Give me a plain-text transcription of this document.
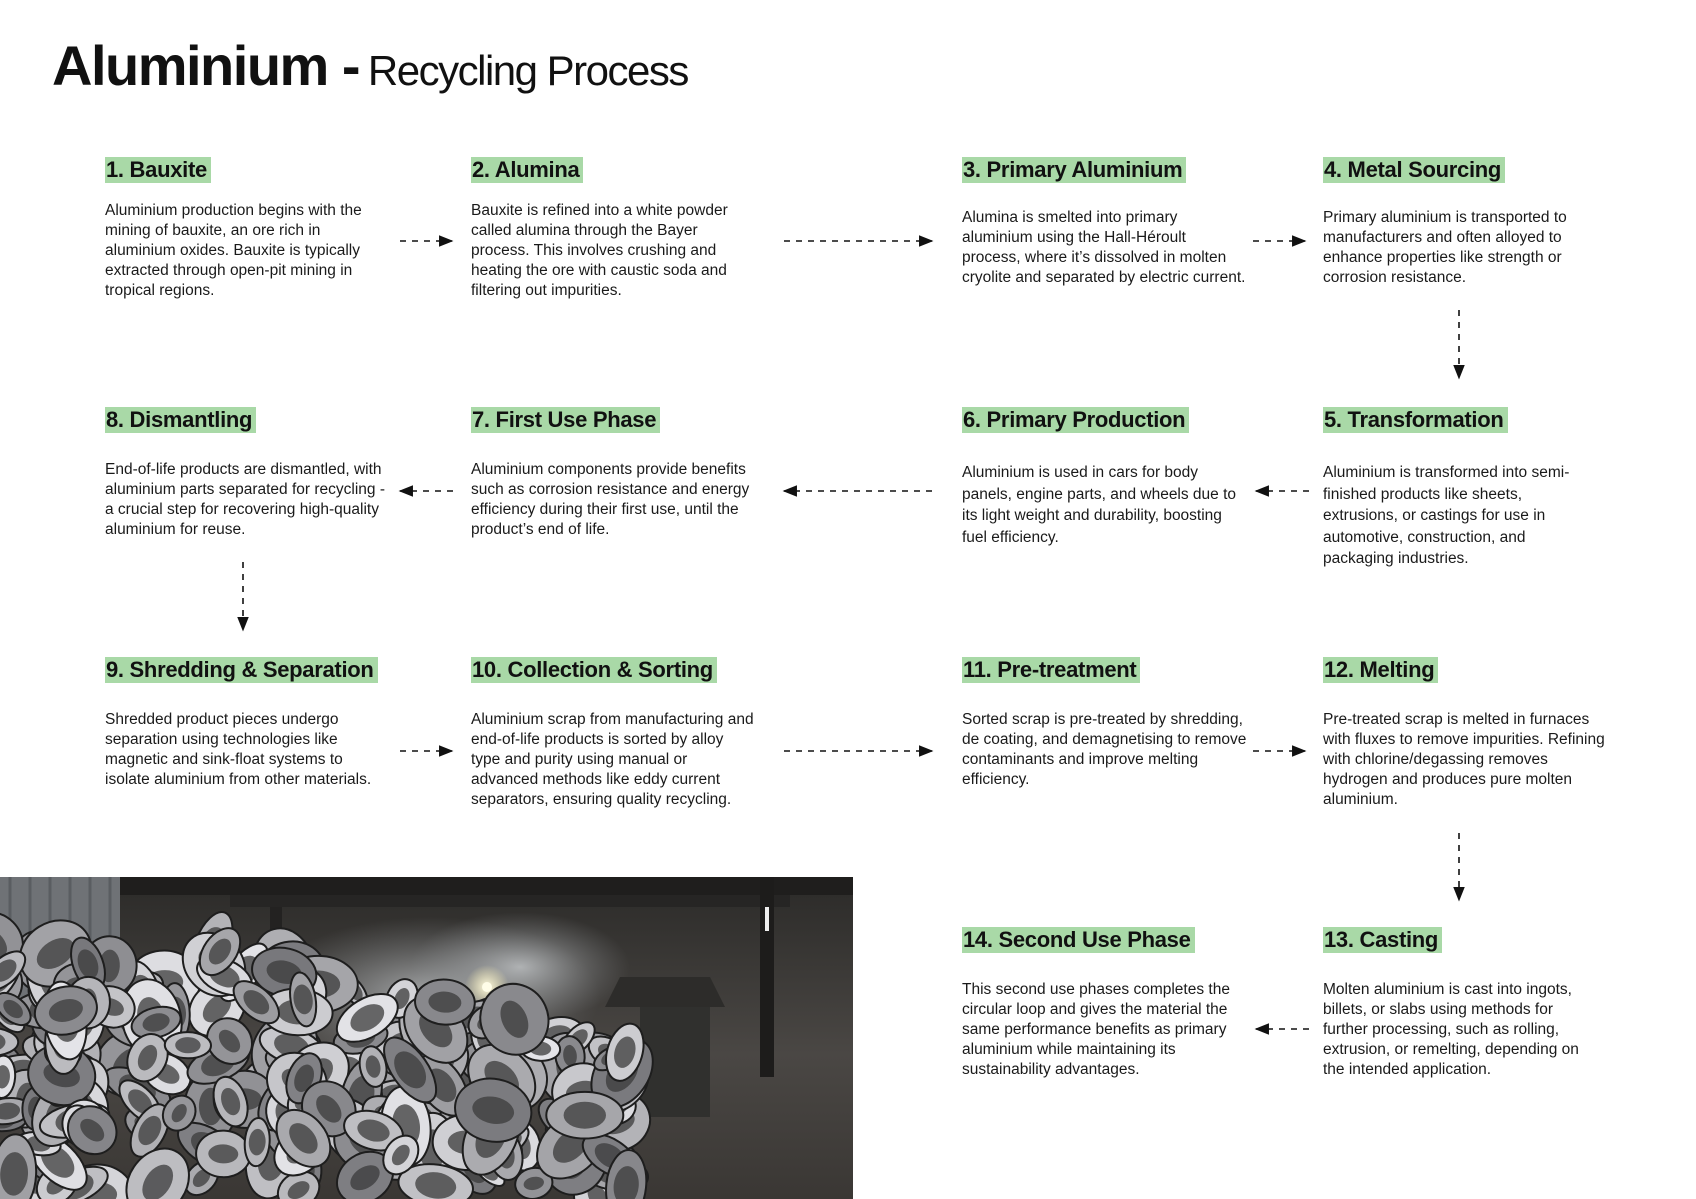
Aluminium - Recycling Process
1. Bauxite

Aluminium production begins with the mining of bauxite, an ore rich in aluminium oxides. Bauxite is typically extracted through open-pit mining in tropical regions.

2. Alumina

Bauxite is refined into a white powder called alumina through the Bayer process. This involves crushing and heating the ore with caustic soda and filtering out impurities.

3. Primary Aluminium

Alumina is smelted into primary aluminium using the Hall-Héroult process, where it’s dissolved in molten cryolite and separated by electric current.

4. Metal Sourcing

Primary aluminium is transported to manufacturers and often alloyed to enhance properties like strength or corrosion resistance.

8. Dismantling

End-of-life products are dismantled, with aluminium parts separated for recycling - a crucial step for recovering high-quality aluminium for reuse.

7. First Use Phase

Aluminium components provide benefits such as corrosion resistance and energy efficiency during their first use, until the product’s end of life.

6. Primary Production

Aluminium is used in cars for body panels, engine parts, and wheels due to its light weight and durability, boosting fuel efficiency.

5. Transformation

Aluminium is transformed into semi-finished products like sheets, extrusions, or castings for use in automotive, construction, and packaging industries.

9. Shredding & Separation

Shredded product pieces undergo separation using technologies like magnetic and sink-float systems to isolate aluminium from other materials.

10. Collection & Sorting

Aluminium scrap from manufacturing and end-of-life products is sorted by alloy type and purity using manual or advanced methods like eddy current separators, ensuring quality recycling.

11. Pre-treatment

Sorted scrap is pre-treated by shredding, de coating, and demagnetising to remove contaminants and improve melting efficiency.

12. Melting

Pre-treated scrap is melted in furnaces with fluxes to remove impurities. Refining with chlorine/degassing removes hydrogen and produces pure molten aluminium.

14. Second Use Phase

This second use phases completes the circular loop and gives the material the same performance benefits as primary aluminium while maintaining its sustainability advantages.

13. Casting

Molten aluminium is cast into ingots, billets, or slabs using methods for further processing, such as rolling, extrusion, or remelting, depending on the intended application.
